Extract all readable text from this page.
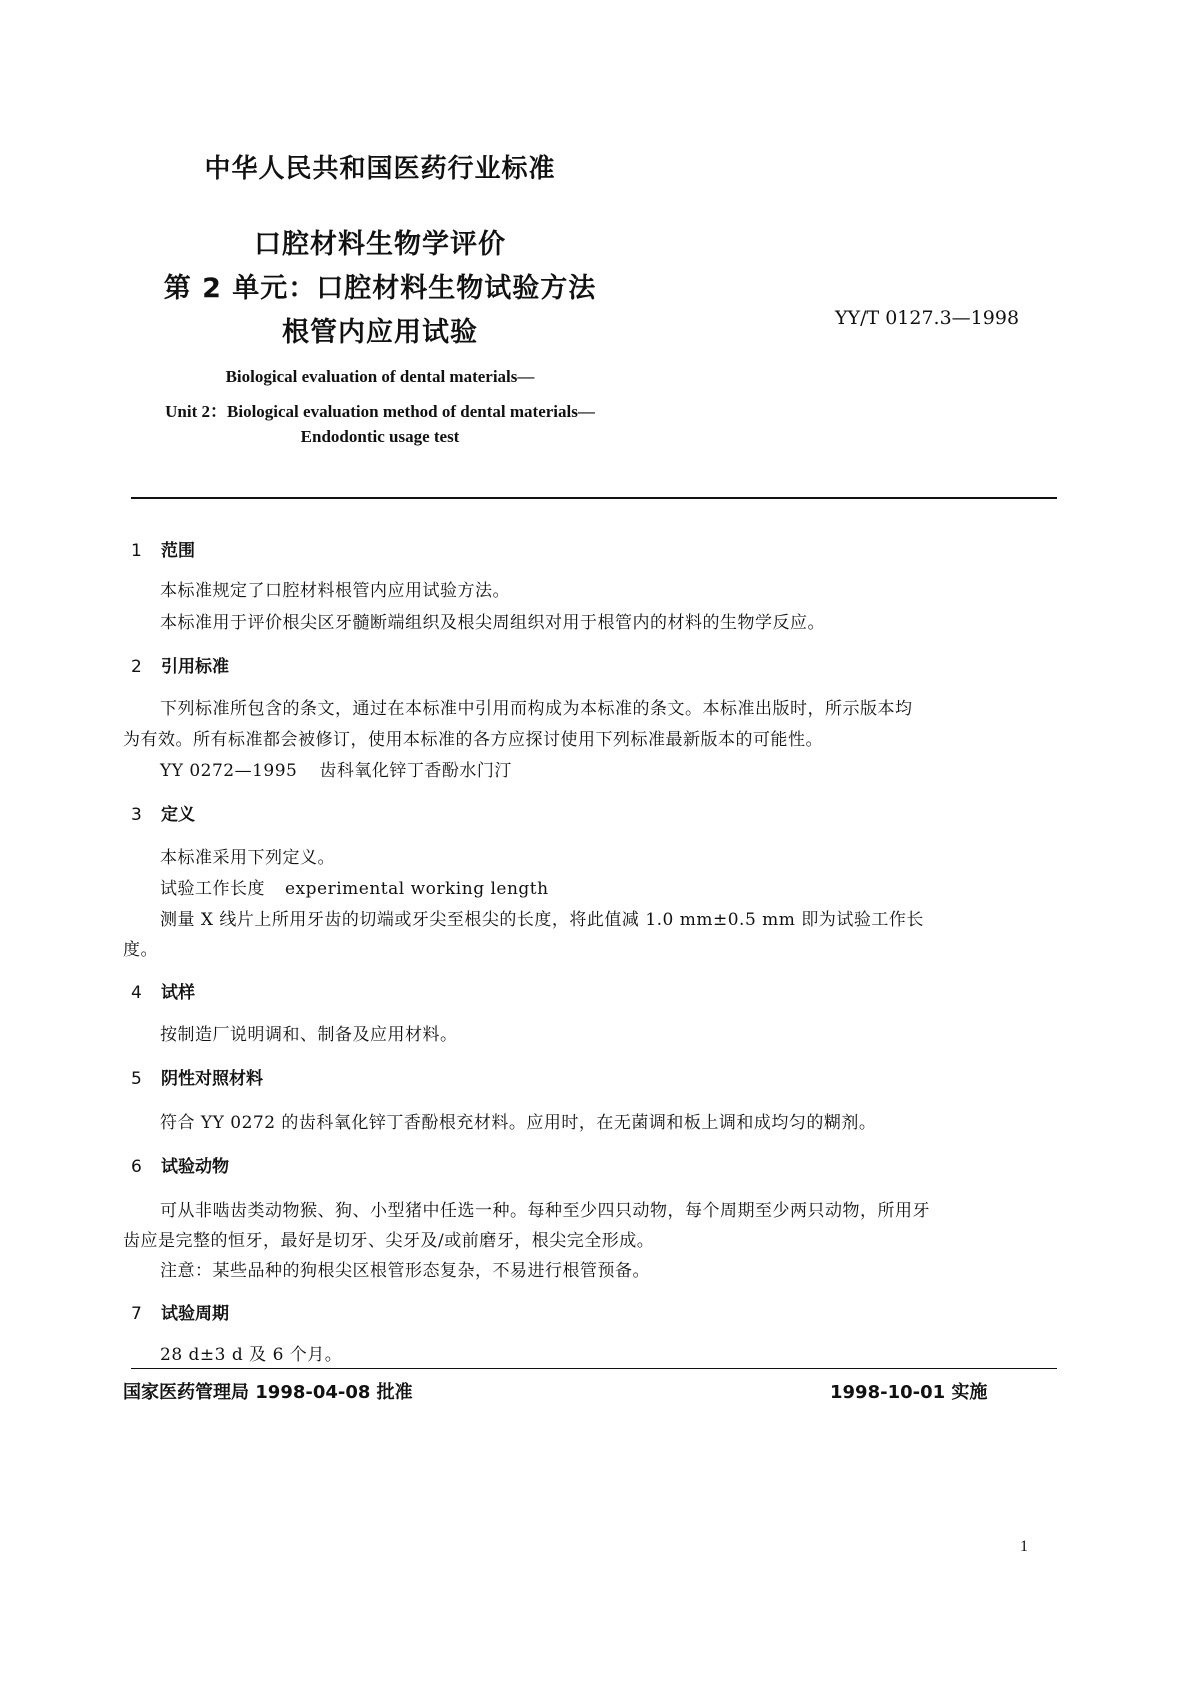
中华人民共和国医药行业标准
口腔材料生物学评价
第 2 单元：口腔材料生物试验方法
根管内应用试验	YY/T 0127.3—1998
Biological evaluation of dental materials—
Unit 2：Biological evaluation method of dental materials—
Endodontic usage test
1 范围
本标准规定了口腔材料根管内应用试验方法。
本标准用于评价根尖区牙髓断端组织及根尖周组织对用于根管内的材料的生物学反应。
2 引用标准
下列标准所包含的条文，通过在本标准中引用而构成为本标准的条文。本标准出版时，所示版本均
为有效。所有标准都会被修订，使用本标准的各方应探讨使用下列标准最新版本的可能性。
YY 0272—1995 齿科氧化锌丁香酚水门汀
3 定义
本标准采用下列定义。
试验工作长度 experimental working length
测量 X 线片上所用牙齿的切端或牙尖至根尖的长度，将此值减 1.0 mm±0.5 mm 即为试验工作长
度。
4 试样
按制造厂说明调和、制备及应用材料。
5 阴性对照材料
符合 YY 0272 的齿科氧化锌丁香酚根充材料。应用时，在无菌调和板上调和成均匀的糊剂。
6 试验动物
可从非啮齿类动物猴、狗、小型猪中任选一种。每种至少四只动物，每个周期至少两只动物，所用牙
齿应是完整的恒牙，最好是切牙、尖牙及/或前磨牙，根尖完全形成。
注意：某些品种的狗根尖区根管形态复杂，不易进行根管预备。
7 试验周期
28 d±3 d 及 6 个月。
国家医药管理局 1998-04-08 批准	1998-10-01 实施
1
